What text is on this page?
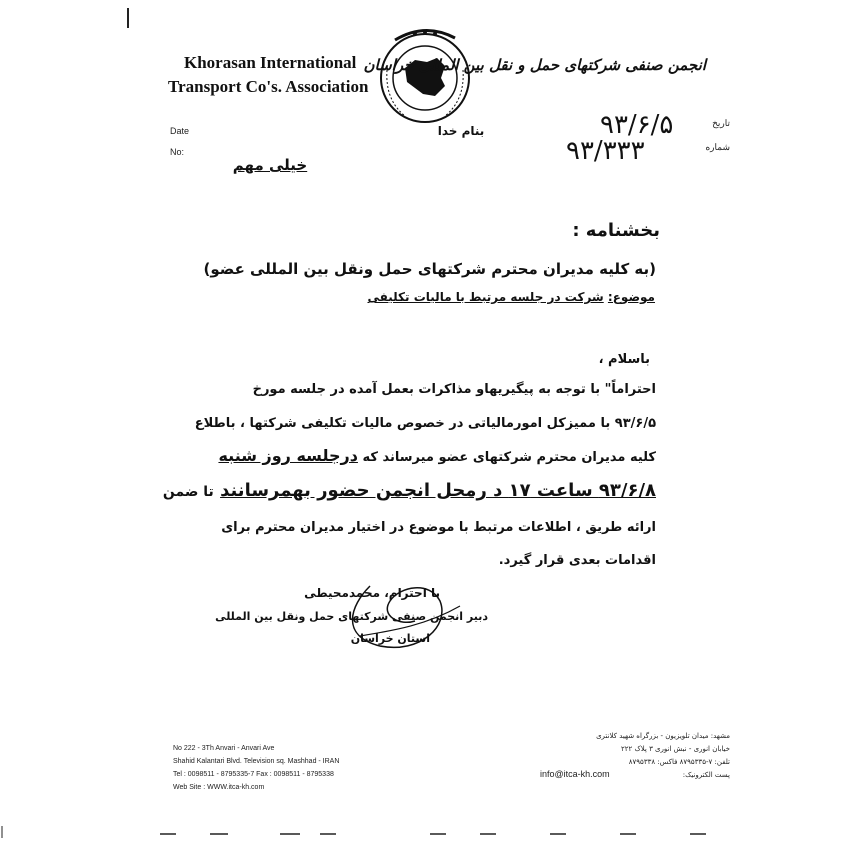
Khorasan International
Transport Co's. Association
انجمن صنفی شرکتهای حمل و نقل بین المللی خراسان
بنام خدا
Date
No:
۹۳/۶/۵	تاریخ
۹۳/۳۳۳	شماره
خیلی مهم
بخشنامه :
(به کلیه مدیران محترم شرکتهای حمل ونقل بین المللی عضو)
موضوع: شرکت در جلسه مرتبط با مالیات تکلیفی
باسلام ،
احتراماً" با توجه به پیگیریهاو مذاکرات بعمل آمده در جلسه مورخ
۹۳/۶/۵ با ممیزکل امورمالیاتی در خصوص مالیات تکلیفی شرکتها ، باطلاع
کلیه مدیران محترم شرکتهای عضو میرساند که درجلسه روز شنبه
۹۳/۶/۸ ساعت ۱۷ د رمحل انجمن حضور بهمرسانند تا ضمن
ارائه طریق ، اطلاعات مرتبط با موضوع در اختیار مدیران محترم برای
اقدامات بعدی قرار گیرد.
با احترام، محمدمحیطی
دبیر انجمن صنفی شرکتهای حمل ونقل بین المللی
استان خراسان
No 222 - 3Th Anvari - Anvari Ave
Shahid Kalantari Blvd. Television sq. Mashhad - IRAN
Tel : 0098511 - 8795335-7 Fax : 0098511 - 8795338
Web Site : WWW.itca-kh.com
مشهد: میدان تلویزیون - بزرگراه شهید کلانتری
خیابان انوری - نبش انوری ۳ پلاک ۲۲۲
تلفن: ۷-۸۷۹۵۳۳۵ فاکس: ۸۷۹۵۳۳۸
پست الکترونیک:
info@itca-kh.com
